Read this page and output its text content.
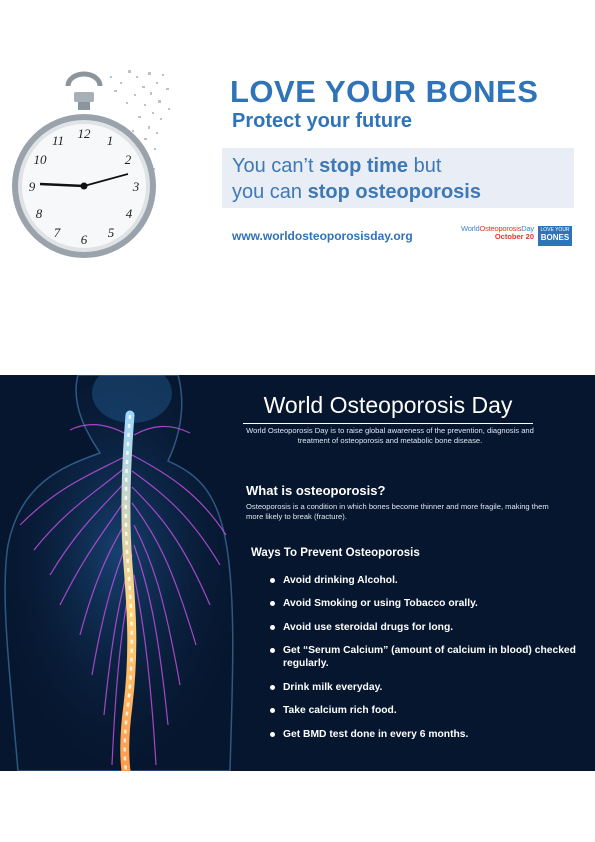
12 1
2
3
4
5
6
7
8
9
10
11
LOVE YOUR BONES
Protect your future
You can’t stop time but
you can stop osteoporosis
www.worldosteoporosisday.org
WorldOsteoporosisDay
October 20
LOVE YOUR
BONES
World Osteoporosis Day
World Osteoporosis Day is to raise global awareness of the prevention, diagnosis and treatment of osteoporosis and metabolic bone disease.
What is osteoporosis?
Osteoporosis is a condition in which bones become thinner and more fragile, making them more likely to break (fracture).
Ways To Prevent Osteoporosis
Avoid drinking Alcohol.
Avoid Smoking or using Tobacco orally.
Avoid use steroidal drugs for long.
Get “Serum Calcium” (amount of calcium in blood) checked regularly.
Drink milk everyday.
Take calcium rich food.
Get BMD test done in every 6 months.
